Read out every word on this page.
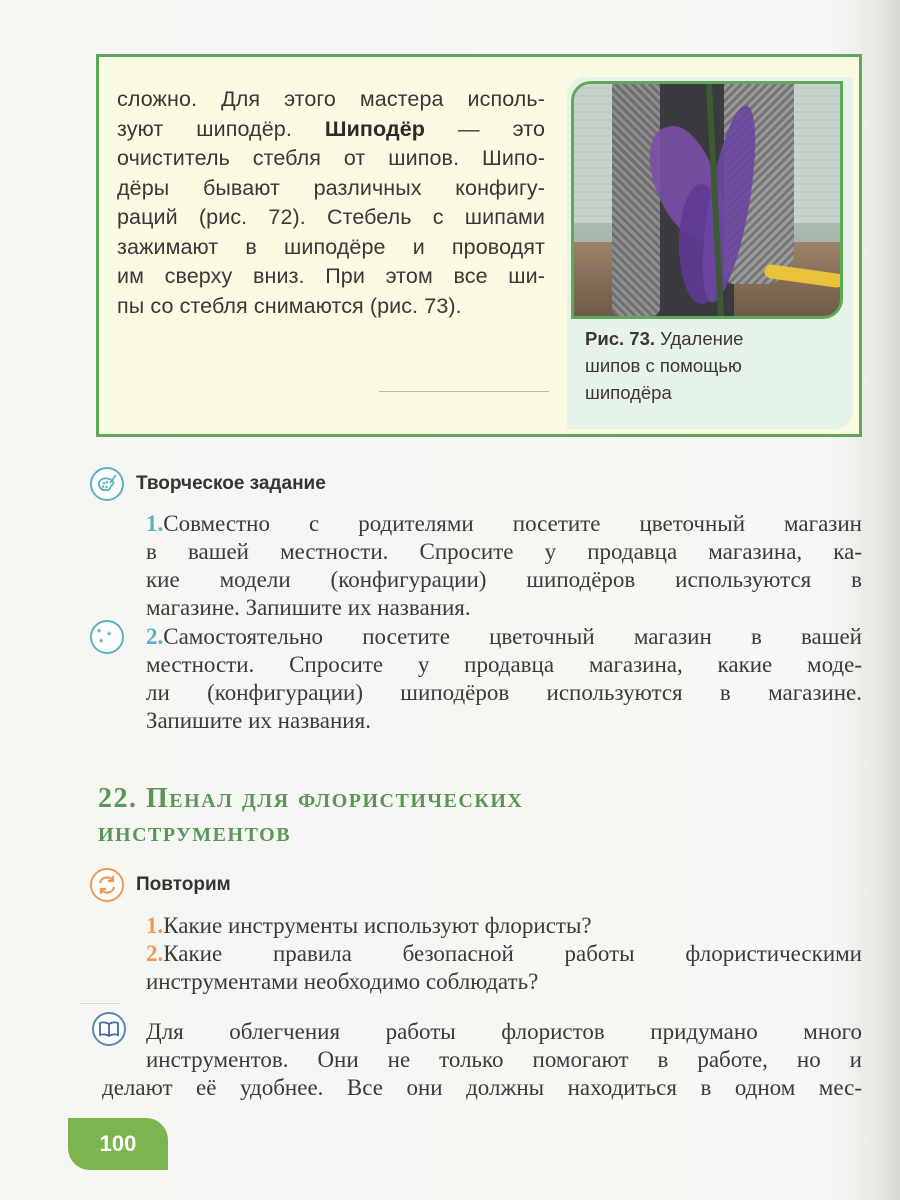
сложно. Для этого мастера исполь-
зуют шиподёр. Шиподёр — это
очиститель стебля от шипов. Шипо-
дёры бывают различных конфигу-
раций (рис. 72). Стебель с шипами
зажимают в шиподёре и проводят
им сверху вниз. При этом все ши-
пы со стебля снимаются (рис. 73).
Рис. 73. Удаление
шипов с помощью
шиподёра
Творческое задание
1.Совместно с родителями посетите цветочный магазин
в вашей местности. Спросите у продавца магазина, ка-
кие модели (конфигурации) шиподёров используются в
магазине. Запишите их названия.
* *
* 2.Самостоятельно посетите цветочный магазин в вашей
местности. Спросите у продавца магазина, какие моде-
ли (конфигурации) шиподёров используются в магазине.
Запишите их названия.
22. Пенал для флористических
инструментов
Повторим
1.Какие инструменты используют флористы?
2.Какие правила безопасной работы флористическими
инструментами необходимо соблюдать?
Для облегчения работы флористов придумано много
инструментов. Они не только помогают в работе, но и
делают её удобнее. Все они должны находиться в одном мес-
100
